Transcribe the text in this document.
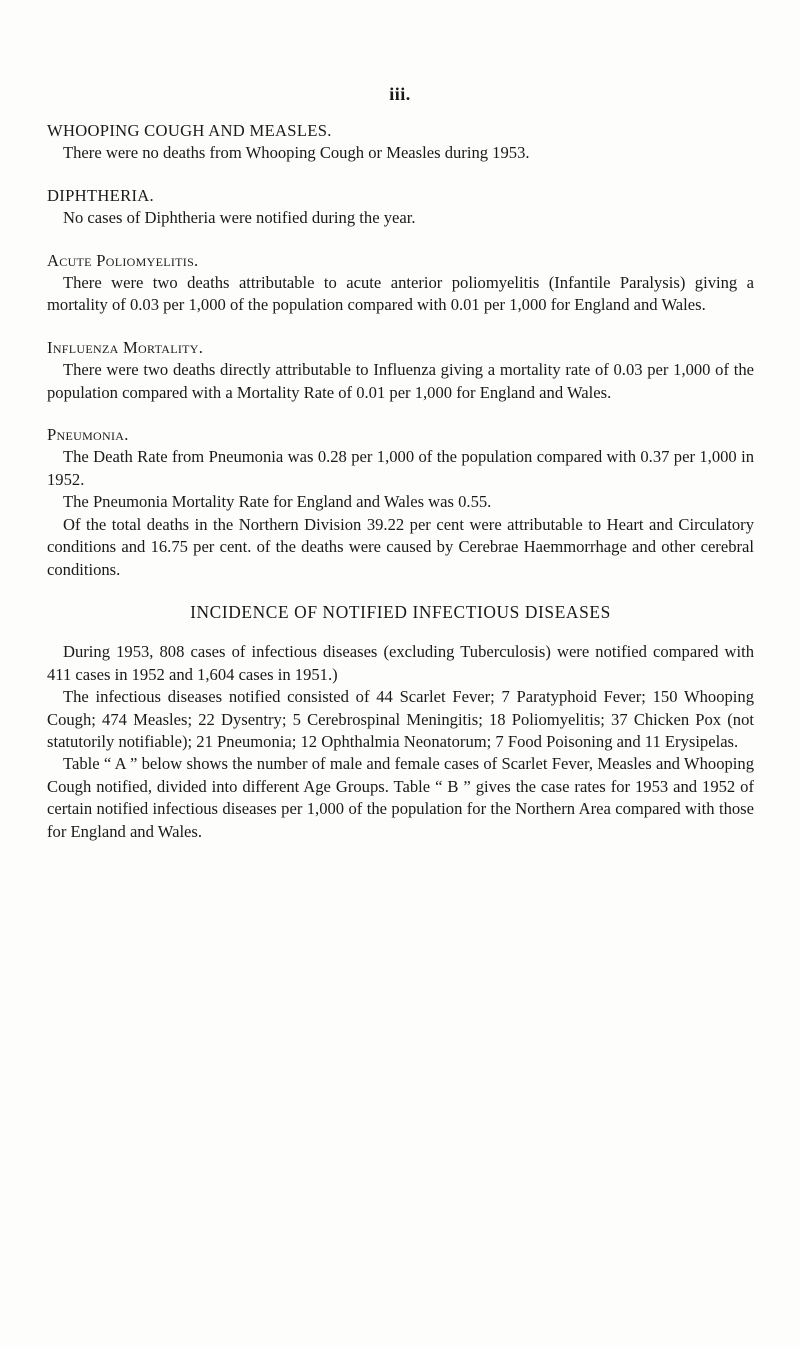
iii.
WHOOPING COUGH AND MEASLES.

There were no deaths from Whooping Cough or Measles during 1953.

DIPHTHERIA.

No cases of Diphtheria were notified during the year.

Acute Poliomyelitis.

There were two deaths attributable to acute anterior poliomyelitis (Infantile Paralysis) giving a mortality of 0.03 per 1,000 of the population compared with 0.01 per 1,000 for England and Wales.

Influenza Mortality.

There were two deaths directly attributable to Influenza giving a mortality rate of 0.03 per 1,000 of the population compared with a Mortality Rate of 0.01 per 1,000 for England and Wales.

Pneumonia.

The Death Rate from Pneumonia was 0.28 per 1,000 of the population compared with 0.37 per 1,000 in 1952.

The Pneumonia Mortality Rate for England and Wales was 0.55.

Of the total deaths in the Northern Division 39.22 per cent were attributable to Heart and Circulatory conditions and 16.75 per cent. of the deaths were caused by Cerebrae Haemmorrhage and other cerebral conditions.

INCIDENCE OF NOTIFIED INFECTIOUS DISEASES

During 1953, 808 cases of infectious diseases (excluding Tuberculosis) were notified compared with 411 cases in 1952 and 1,604 cases in 1951.)

The infectious diseases notified consisted of 44 Scarlet Fever; 7 Paratyphoid Fever; 150 Whooping Cough; 474 Measles; 22 Dysentry; 5 Cerebrospinal Meningitis; 18 Poliomyelitis; 37 Chicken Pox (not statutorily notifiable); 21 Pneumonia; 12 Ophthalmia Neonatorum; 7 Food Poisoning and 11 Erysipelas.

Table “ A ” below shows the number of male and female cases of Scarlet Fever, Measles and Whooping Cough notified, divided into different Age Groups. Table “ B ” gives the case rates for 1953 and 1952 of certain notified infectious diseases per 1,000 of the population for the Northern Area compared with those for England and Wales.
